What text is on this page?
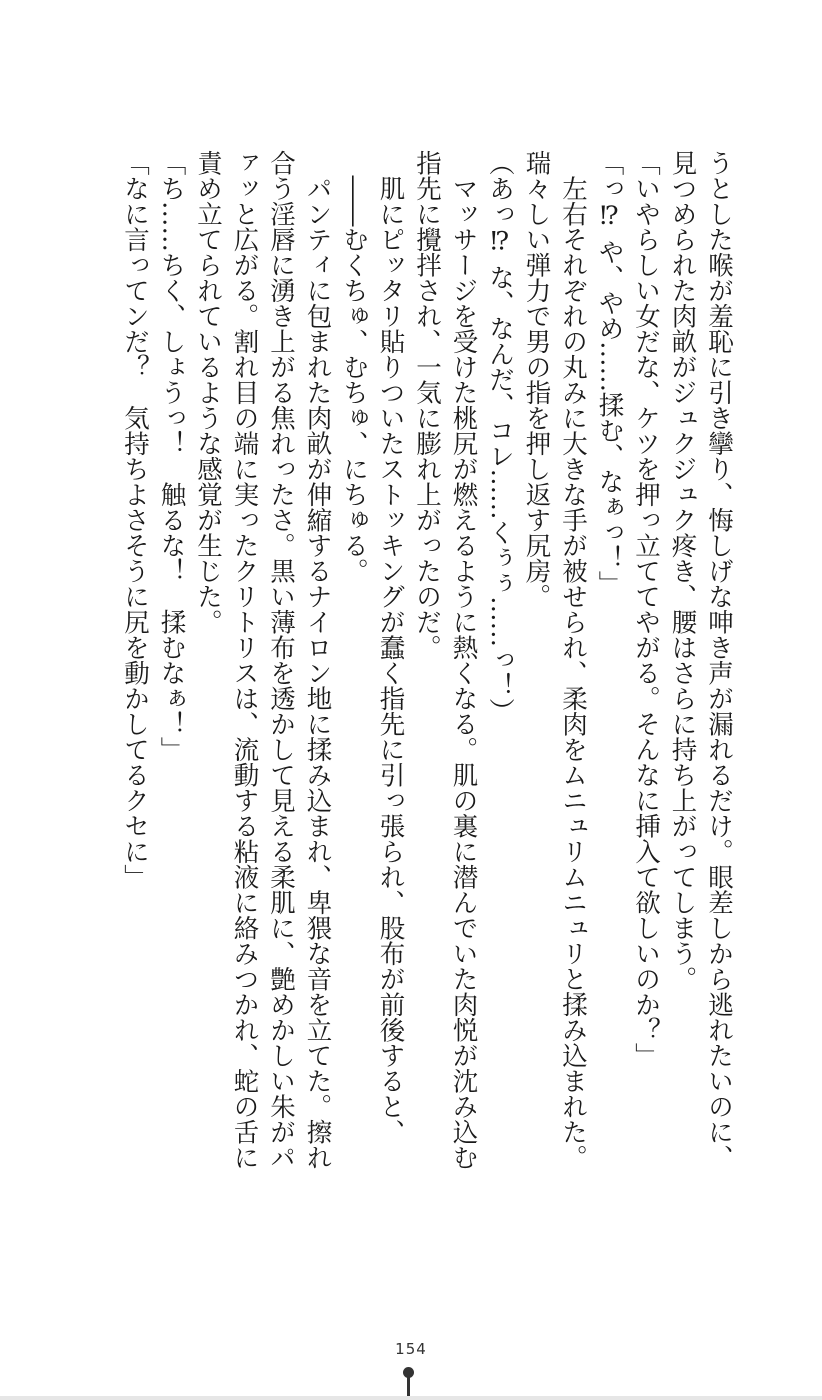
うとした喉が羞恥に引き攣り、悔しげな呻き声が漏れるだけ。眼差しから逃れたいのに、

見つめられた肉畝がジュクジュク疼き、腰はさらに持ち上がってしまう。

「いやらしい女だな、ケツを押っ立ててやがる。そんなに挿入て欲しいのか？」

「っ⁉ や、やめ……揉む、なぁっ！」

　左右それぞれの丸みに大きな手が被せられ、柔肉をムニュリムニュリと揉み込まれた。

瑞々しい弾力で男の指を押し返す尻房。

（あっ⁉ な、なんだ、コレ……くぅぅ……っ！）

　マッサージを受けた桃尻が燃えるように熱くなる。肌の裏に潜んでいた肉悦が沈み込む

指先に攪拌され、一気に膨れ上がったのだ。

　肌にピッタリ貼りついたストッキングが蠢く指先に引っ張られ、股布が前後すると、

　――むくちゅ、むちゅ、にちゅる。

　パンティに包まれた肉畝が伸縮するナイロン地に揉み込まれ、卑猥な音を立てた。擦れ

合う淫唇に湧き上がる焦れったさ。黒い薄布を透かして見える柔肌に、艶めかしい朱がパ

ァッと広がる。割れ目の端に実ったクリトリスは、流動する粘液に絡みつかれ、蛇の舌に

責め立てられているような感覚が生じた。

「ち……ちく、しょうっ！　触るな！　揉むなぁ！」

「なに言ってンだ？　気持ちよさそうに尻を動かしてるクセに」

154
